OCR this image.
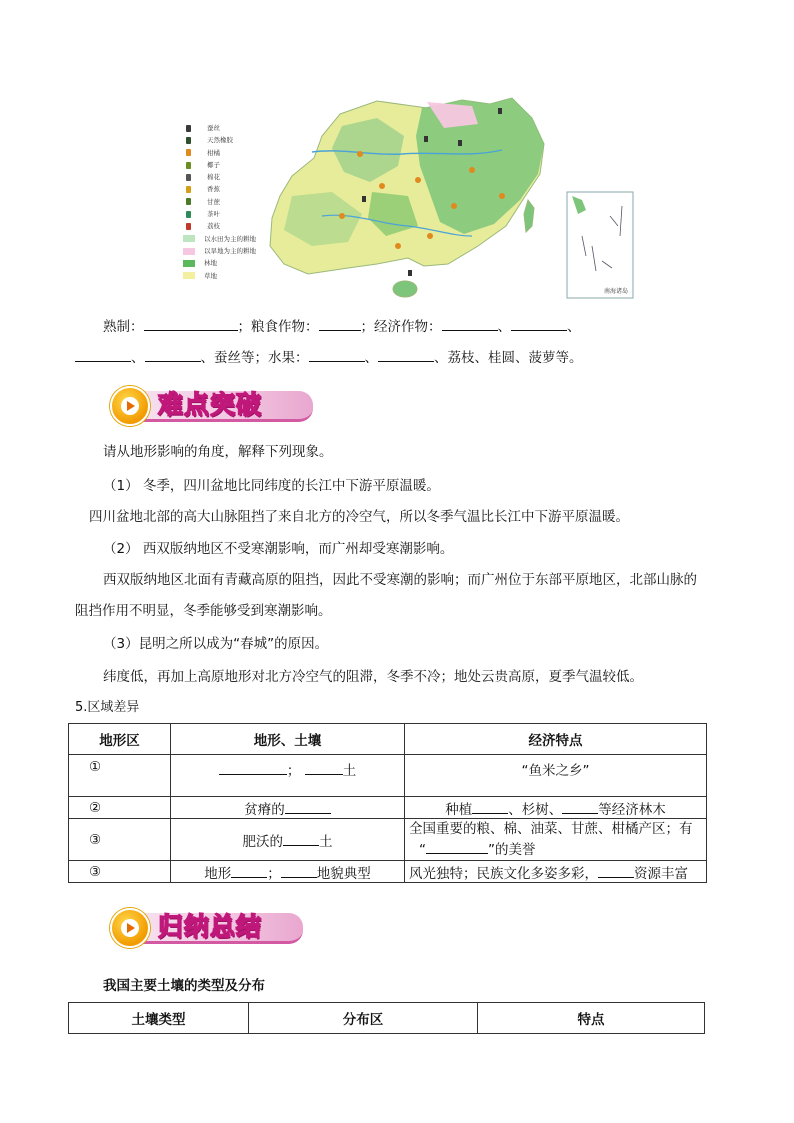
南海诸岛
蚕丝
天然橡胶
柑橘
椰子
棉花
香蕉
甘蔗
茶叶
荔枝
以水田为主的耕地
以旱地为主的耕地
林地
草地
熟制：	；粮食作物：	；经济作物：	、	、
、	、蚕丝等；水果：	、	、荔枝、桂圆、菠萝等。
难点突破
请从地形影响的角度，解释下列现象。
（1） 冬季，四川盆地比同纬度的长江中下游平原温暖。
四川盆地北部的高大山脉阻挡了来自北方的冷空气，所以冬季气温比长江中下游平原温暖。
（2） 西双版纳地区不受寒潮影响，而广州却受寒潮影响。
西双版纳地区北面有青藏高原的阻挡，因此不受寒潮的影响；而广州位于东部平原地区，北部山脉的
阻挡作用不明显，冬季能够受到寒潮影响。
（3）昆明之所以成为“春城”的原因。
纬度低，再加上高原地形对北方冷空气的阻滞，冬季不冷；地处云贵高原，夏季气温较低。
5.区域差异
地形区	地形、土壤	经济特点
①	； 土	“鱼米之乡”
②	贫瘠的	种植 、杉树、 等经济林木
③	肥沃的 土	全国重要的粮、棉、油菜、甘蔗、柑橘产区；有
“ ”的美誉

③	地形 ； 地貌典型	风光独特；民族文化多姿多彩， 资源丰富
归纳总结
我国主要土壤的类型及分布
土壤类型	分布区	特点
